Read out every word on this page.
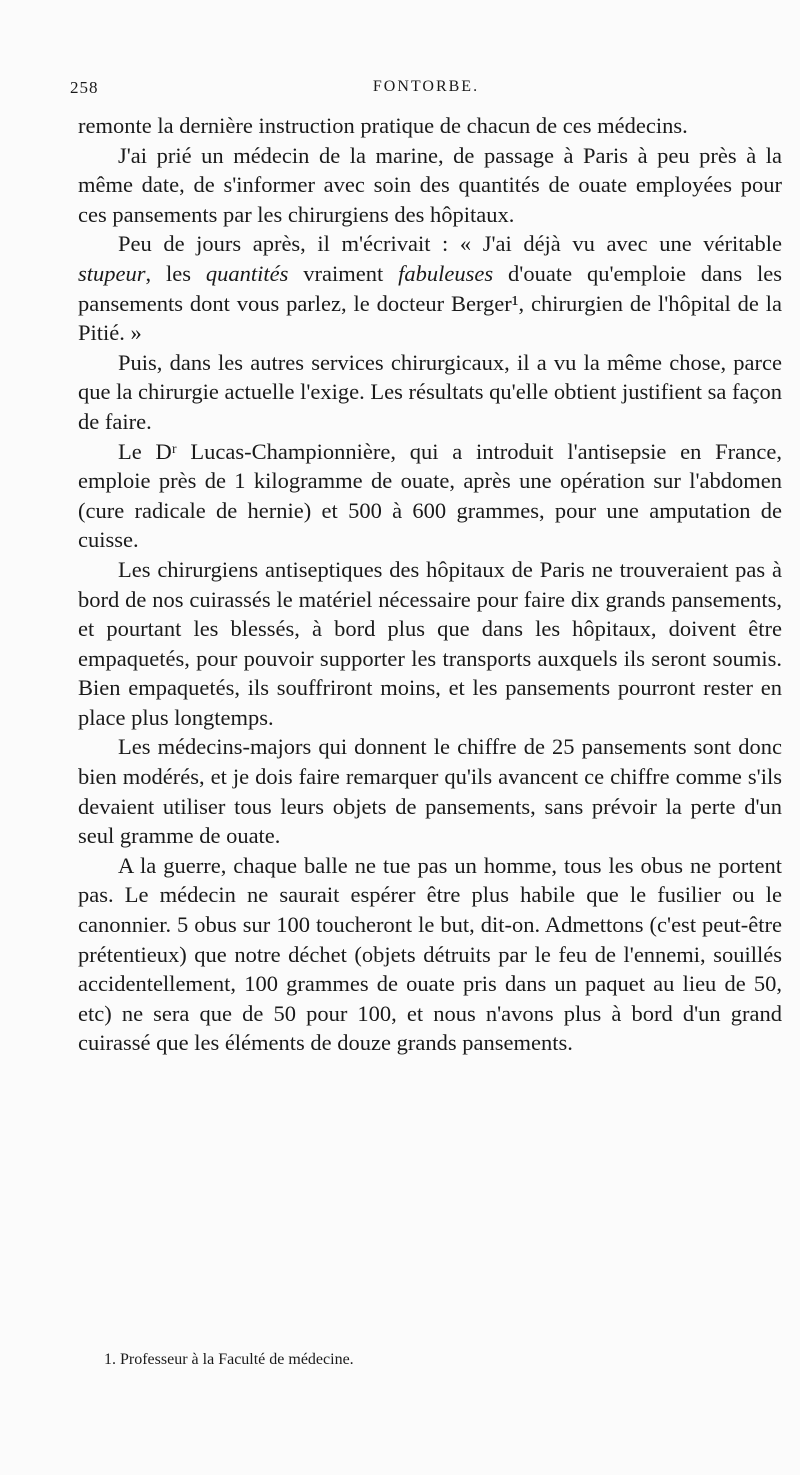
258	FONTORBE.

remonte la dernière instruction pratique de chacun de ces médecins.

J'ai prié un médecin de la marine, de passage à Paris à peu près à la même date, de s'informer avec soin des quantités de ouate employées pour ces pansements par les chirurgiens des hôpitaux.

Peu de jours après, il m'écrivait : « J'ai déjà vu avec une véritable stupeur, les quantités vraiment fabuleuses d'ouate qu'emploie dans les pansements dont vous parlez, le docteur Berger¹, chirurgien de l'hôpital de la Pitié. »

Puis, dans les autres services chirurgicaux, il a vu la même chose, parce que la chirurgie actuelle l'exige. Les résultats qu'elle obtient justifient sa façon de faire.

Le Dʳ Lucas-Championnière, qui a introduit l'antisepsie en France, emploie près de 1 kilogramme de ouate, après une opération sur l'abdomen (cure radicale de hernie) et 500 à 600 grammes, pour une amputation de cuisse.

Les chirurgiens antiseptiques des hôpitaux de Paris ne trouveraient pas à bord de nos cuirassés le matériel nécessaire pour faire dix grands pansements, et pourtant les blessés, à bord plus que dans les hôpitaux, doivent être empaquetés, pour pouvoir supporter les transports auxquels ils seront soumis. Bien empaquetés, ils souffriront moins, et les pansements pourront rester en place plus longtemps.

Les médecins-majors qui donnent le chiffre de 25 pansements sont donc bien modérés, et je dois faire remarquer qu'ils avancent ce chiffre comme s'ils devaient utiliser tous leurs objets de pansements, sans prévoir la perte d'un seul gramme de ouate.

A la guerre, chaque balle ne tue pas un homme, tous les obus ne portent pas. Le médecin ne saurait espérer être plus habile que le fusilier ou le canonnier. 5 obus sur 100 toucheront le but, dit-on. Admettons (c'est peut-être prétentieux) que notre déchet (objets détruits par le feu de l'ennemi, souillés accidentellement, 100 grammes de ouate pris dans un paquet au lieu de 50, etc) ne sera que de 50 pour 100, et nous n'avons plus à bord d'un grand cuirassé que les éléments de douze grands pansements.

1. Professeur à la Faculté de médecine.
